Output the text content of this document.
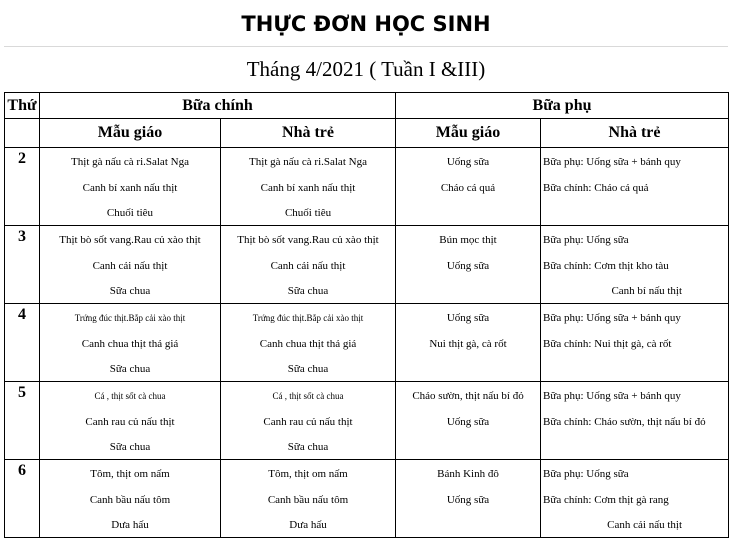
THỰC ĐƠN HỌC SINH
Tháng 4/2021 ( Tuần I &III)
Thứ	Bữa chính		Bữa phụ	
	Mẫu giáo	Nhà trẻ	Mẫu giáo	Nhà trẻ
2	Thịt gà nấu cà ri.Salat Nga	Thịt gà nấu cà ri.Salat Nga	Uống sữa	Bữa phụ: Uống sữa + bánh quy
	Canh bí xanh nấu thịt	Canh bí xanh nấu thịt	Cháo cá quả	Bữa chính: Cháo cá quả
	Chuối tiêu	Chuối tiêu		
3	Thịt bò sốt vang.Rau củ xào thịt	Thịt bò sốt vang.Rau củ xào thịt	Bún mọc thịt	Bữa phụ: Uống sữa
	Canh cải nấu thịt	Canh cải nấu thịt	Uống sữa	Bữa chính: Cơm thịt kho tàu
	Sữa chua	Sữa chua		Canh bí nấu thịt
4	Trứng đúc thịt.Bắp cải xào thịt	Trứng đúc thịt.Bắp cải xào thịt	Uống sữa	Bữa phụ: Uống sữa + bánh quy
	Canh chua thịt thả giá	Canh chua thịt thả giá	Nui thịt gà, cà rốt	Bữa chính: Nui thịt gà, cà rốt
	Sữa chua	Sữa chua		
5	Cá , thịt sốt cà chua	Cá , thịt sốt cà chua	Cháo sườn, thịt nấu bí đỏ	Bữa phụ: Uống sữa + bánh quy
	Canh rau củ nấu thịt	Canh rau củ nấu thịt	Uống sữa	Bữa chính: Cháo sườn, thịt nấu bí đỏ
	Sữa chua	Sữa chua		
6	Tôm, thịt om nấm	Tôm, thịt om nấm	Bánh Kinh đô	Bữa phụ: Uống sữa
	Canh bầu nấu tôm	Canh bầu nấu tôm	Uống sữa	Bữa chính: Cơm thịt gà rang
	Dưa hấu	Dưa hấu		Canh cải nấu thịt
